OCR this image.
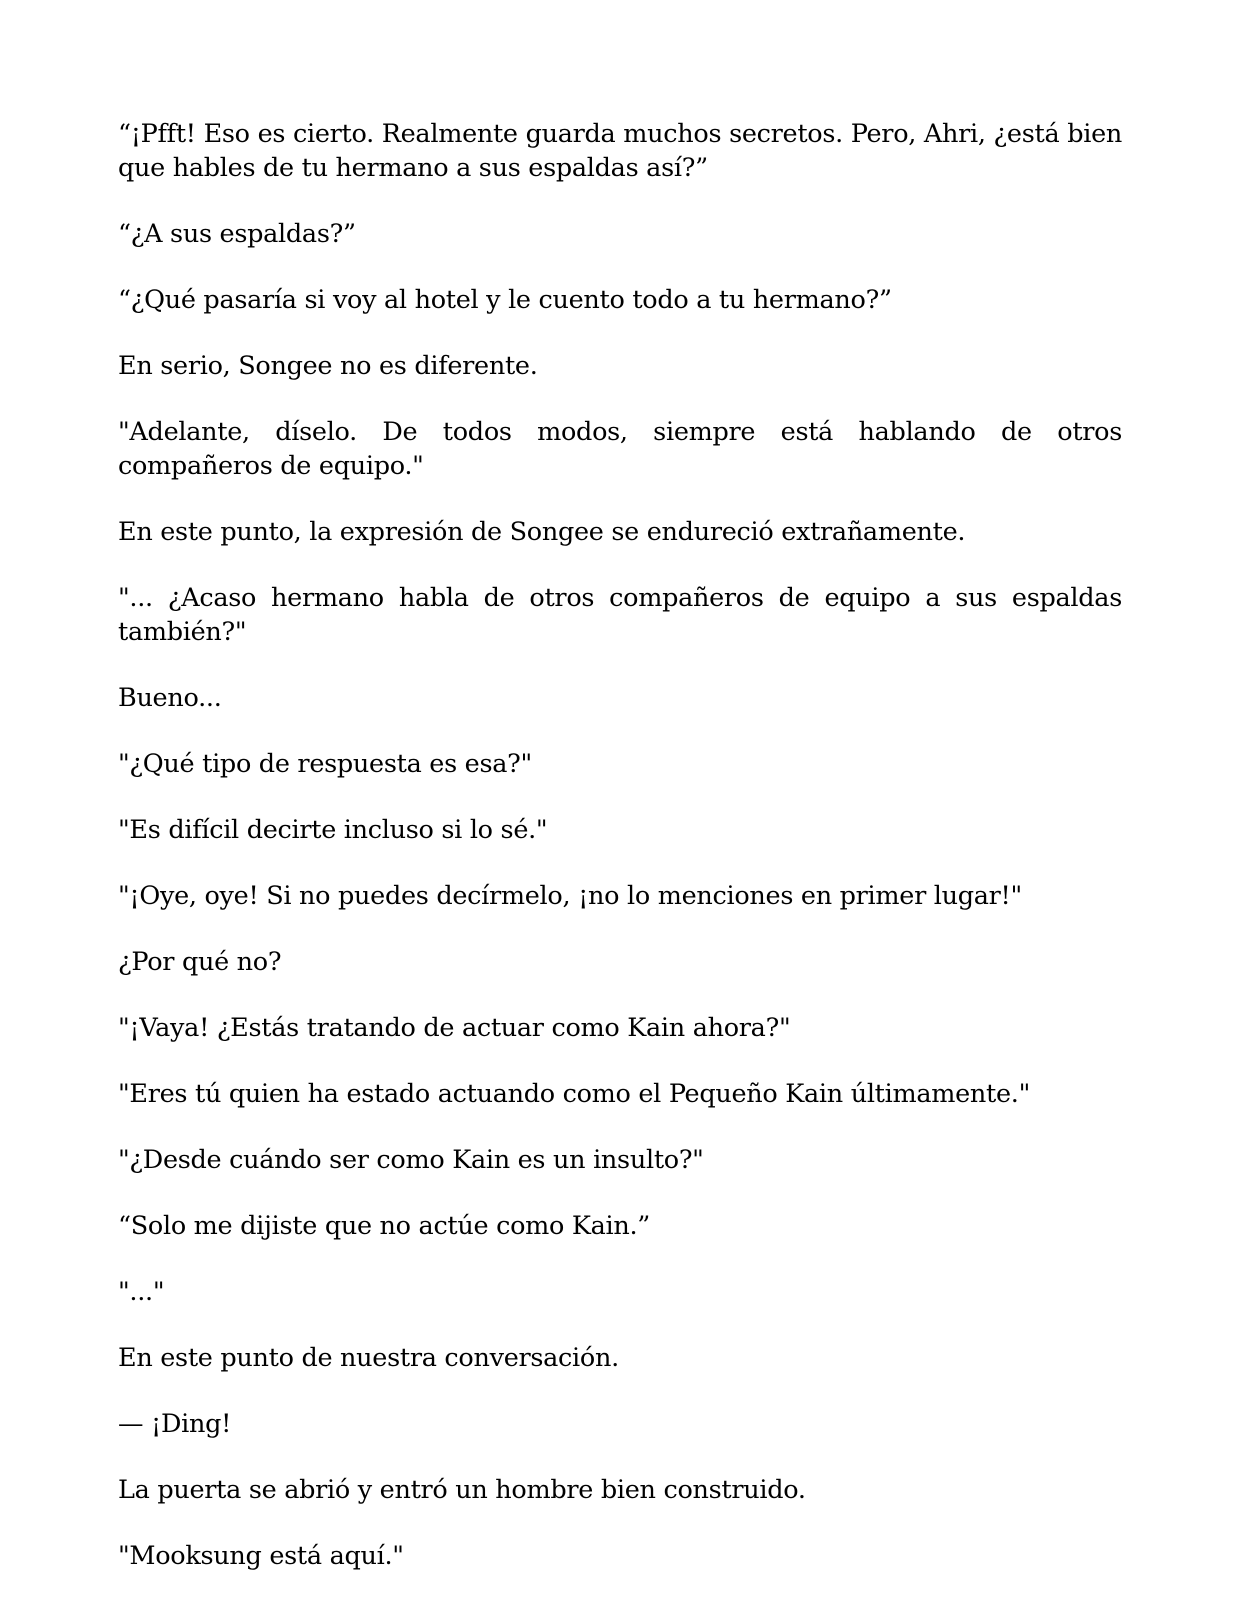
“¡Pfft! Eso es cierto. Realmente guarda muchos secretos. Pero, Ahri, ¿está bien que hables de tu hermano a sus espaldas así?”

“¿A sus espaldas?”

“¿Qué pasaría si voy al hotel y le cuento todo a tu hermano?”

En serio, Songee no es diferente.

"Adelante, díselo. De todos modos, siempre está hablando de otros compañeros de equipo."

En este punto, la expresión de Songee se endureció extrañamente.

"... ¿Acaso hermano habla de otros compañeros de equipo a sus espaldas también?"

Bueno...

"¿Qué tipo de respuesta es esa?"

"Es difícil decirte incluso si lo sé."

"¡Oye, oye! Si no puedes decírmelo, ¡no lo menciones en primer lugar!"

¿Por qué no?

"¡Vaya! ¿Estás tratando de actuar como Kain ahora?"

"Eres tú quien ha estado actuando como el Pequeño Kain últimamente."

"¿Desde cuándo ser como Kain es un insulto?"

“Solo me dijiste que no actúe como Kain.”

"..."

En este punto de nuestra conversación.

— ¡Ding!

La puerta se abrió y entró un hombre bien construido.

"Mooksung está aquí."
